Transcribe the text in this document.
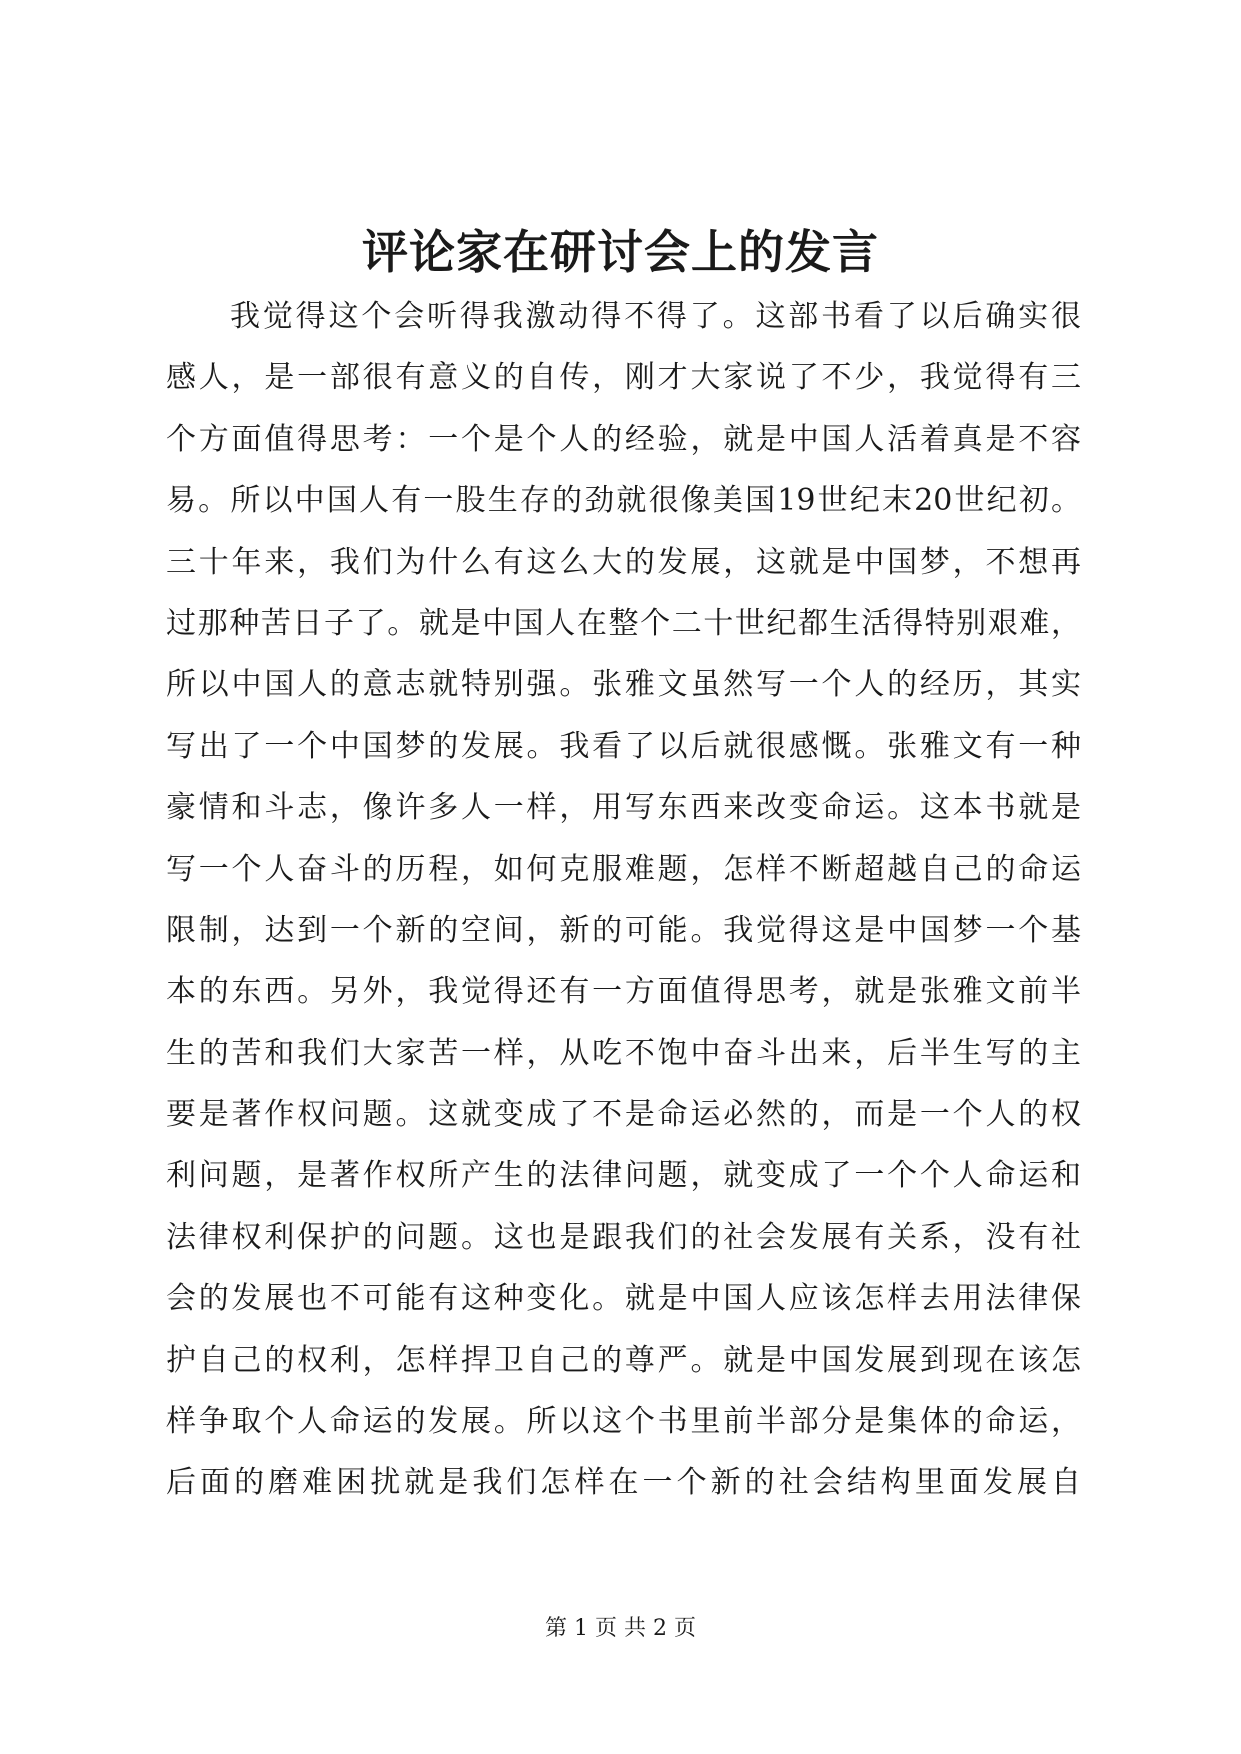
评论家在研讨会上的发言
我觉得这个会听得我激动得不得了。这部书看了以后确实很
感人，是一部很有意义的自传，刚才大家说了不少，我觉得有三
个方面值得思考：一个是个人的经验，就是中国人活着真是不容
易。所以中国人有一股生存的劲就很像美国19世纪末20世纪初。
三十年来，我们为什么有这么大的发展，这就是中国梦，不想再
过那种苦日子了。就是中国人在整个二十世纪都生活得特别艰难，
所以中国人的意志就特别强。张雅文虽然写一个人的经历，其实
写出了一个中国梦的发展。我看了以后就很感慨。张雅文有一种
豪情和斗志，像许多人一样，用写东西来改变命运。这本书就是
写一个人奋斗的历程，如何克服难题，怎样不断超越自己的命运
限制，达到一个新的空间，新的可能。我觉得这是中国梦一个基
本的东西。另外，我觉得还有一方面值得思考，就是张雅文前半
生的苦和我们大家苦一样，从吃不饱中奋斗出来，后半生写的主
要是著作权问题。这就变成了不是命运必然的，而是一个人的权
利问题，是著作权所产生的法律问题，就变成了一个个人命运和
法律权利保护的问题。这也是跟我们的社会发展有关系，没有社
会的发展也不可能有这种变化。就是中国人应该怎样去用法律保
护自己的权利，怎样捍卫自己的尊严。就是中国发展到现在该怎
样争取个人命运的发展。所以这个书里前半部分是集体的命运，
后面的磨难困扰就是我们怎样在一个新的社会结构里面发展自
第 1 页 共 2 页
